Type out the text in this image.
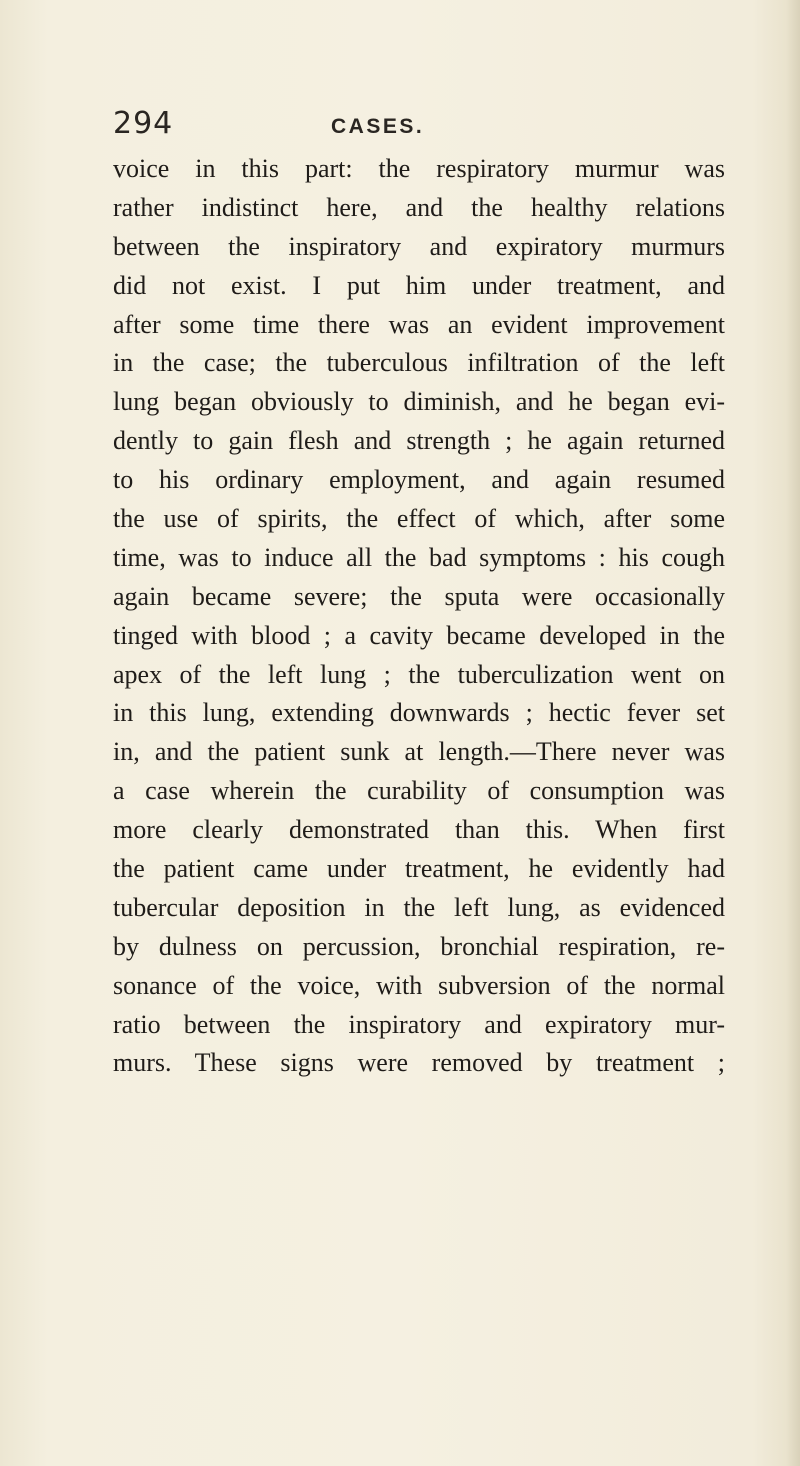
294	CASES.
voice in this part: the respiratory murmur was
rather indistinct here, and the healthy relations
between the inspiratory and expiratory murmurs
did not exist. I put him under treatment, and
after some time there was an evident improvement
in the case; the tuberculous infiltration of the left
lung began obviously to diminish, and he began evi-
dently to gain flesh and strength ; he again returned
to his ordinary employment, and again resumed
the use of spirits, the effect of which, after some
time, was to induce all the bad symptoms : his cough
again became severe; the sputa were occasionally
tinged with blood ; a cavity became developed in the
apex of the left lung ; the tuberculization went on
in this lung, extending downwards ; hectic fever set
in, and the patient sunk at length.—There never was
a case wherein the curability of consumption was
more clearly demonstrated than this. When first
the patient came under treatment, he evidently had
tubercular deposition in the left lung, as evidenced
by dulness on percussion, bronchial respiration, re-
sonance of the voice, with subversion of the normal
ratio between the inspiratory and expiratory mur-
murs. These signs were removed by treatment ;
